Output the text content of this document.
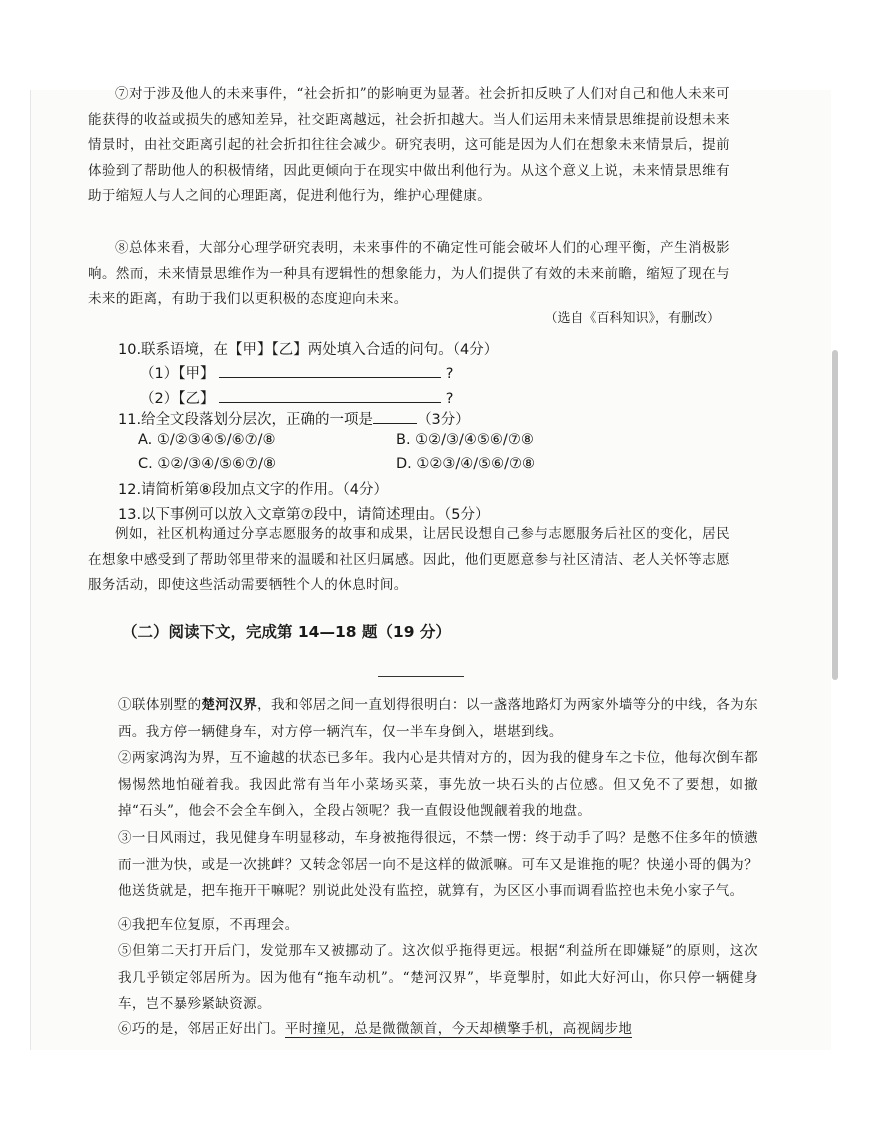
⑦对于涉及他人的未来事件，“社会折扣”的影响更为显著。社会折扣反映了人们对自己和他人未来可能获得的收益或损失的感知差异，社交距离越远，社会折扣越大。当人们运用未来情景思维提前设想未来情景时，由社交距离引起的社会折扣往往会减少。研究表明，这可能是因为人们在想象未来情景后，提前体验到了帮助他人的积极情绪，因此更倾向于在现实中做出利他行为。从这个意义上说，未来情景思维有助于缩短人与人之间的心理距离，促进利他行为，维护心理健康。

⑧总体来看，大部分心理学研究表明，未来事件的不确定性可能会破坏人们的心理平衡，产生消极影响。然而，未来情景思维作为一种具有逻辑性的想象能力，为人们提供了有效的未来前瞻，缩短了现在与未来的距离，有助于我们以更积极的态度迎向未来。

（选自《百科知识》，有删改）
10.联系语境，在【甲】【乙】两处填入合适的问句。（4分）
（1）【甲】	?
（2）【乙】	?
11.给全文段落划分层次，正确的一项是	（3分）
A. ①/②③④⑤/⑥⑦/⑧	B. ①②/③/④⑤⑥/⑦⑧
C. ①②/③④/⑤⑥⑦/⑧	D. ①②③/④/⑤⑥/⑦⑧
12.请简析第⑧段加点文字的作用。（4分）
13.以下事例可以放入文章第⑦段中，请简述理由。（5分）

例如，社区机构通过分享志愿服务的故事和成果，让居民设想自己参与志愿服务后社区的变化，居民在想象中感受到了帮助邻里带来的温暖和社区归属感。因此，他们更愿意参与社区清洁、老人关怀等志愿服务活动，即使这些活动需要牺牲个人的休息时间。

（二）阅读下文，完成第 14—18 题（19 分）
①联体别墅的楚河汉界，我和邻居之间一直划得很明白：以一盏落地路灯为两家外墙等分的中线，各为东西。我方停一辆健身车，对方停一辆汽车，仅一半车身倒入，堪堪到线。
②两家鸿沟为界，互不逾越的状态已多年。我内心是共情对方的，因为我的健身车之卡位，他每次倒车都惕惕然地怕碰着我。我因此常有当年小菜场买菜，事先放一块石头的占位感。但又免不了要想，如撤掉“石头”，他会不会全车倒入，全段占领呢？我一直假设他觊觎着我的地盘。
③一日风雨过，我见健身车明显移动，车身被拖得很远，不禁一愣：终于动手了吗？是憋不住多年的愤懑而一泄为快，或是一次挑衅？又转念邻居一向不是这样的做派嘛。可车又是谁拖的呢？快递小哥的偶为？他送货就是，把车拖开干嘛呢？别说此处没有监控，就算有，为区区小事而调看监控也未免小家子气。
④我把车位复原，不再理会。
⑤但第二天打开后门，发觉那车又被挪动了。这次似乎拖得更远。根据“利益所在即嫌疑”的原则，这次我几乎锁定邻居所为。因为他有“拖车动机”。“楚河汉界”，毕竟掣肘，如此大好河山，你只停一辆健身车，岂不暴殄紧缺资源。
⑥巧的是，邻居正好出门。平时撞见，总是微微颔首，今天却横擎手机，高视阔步地
